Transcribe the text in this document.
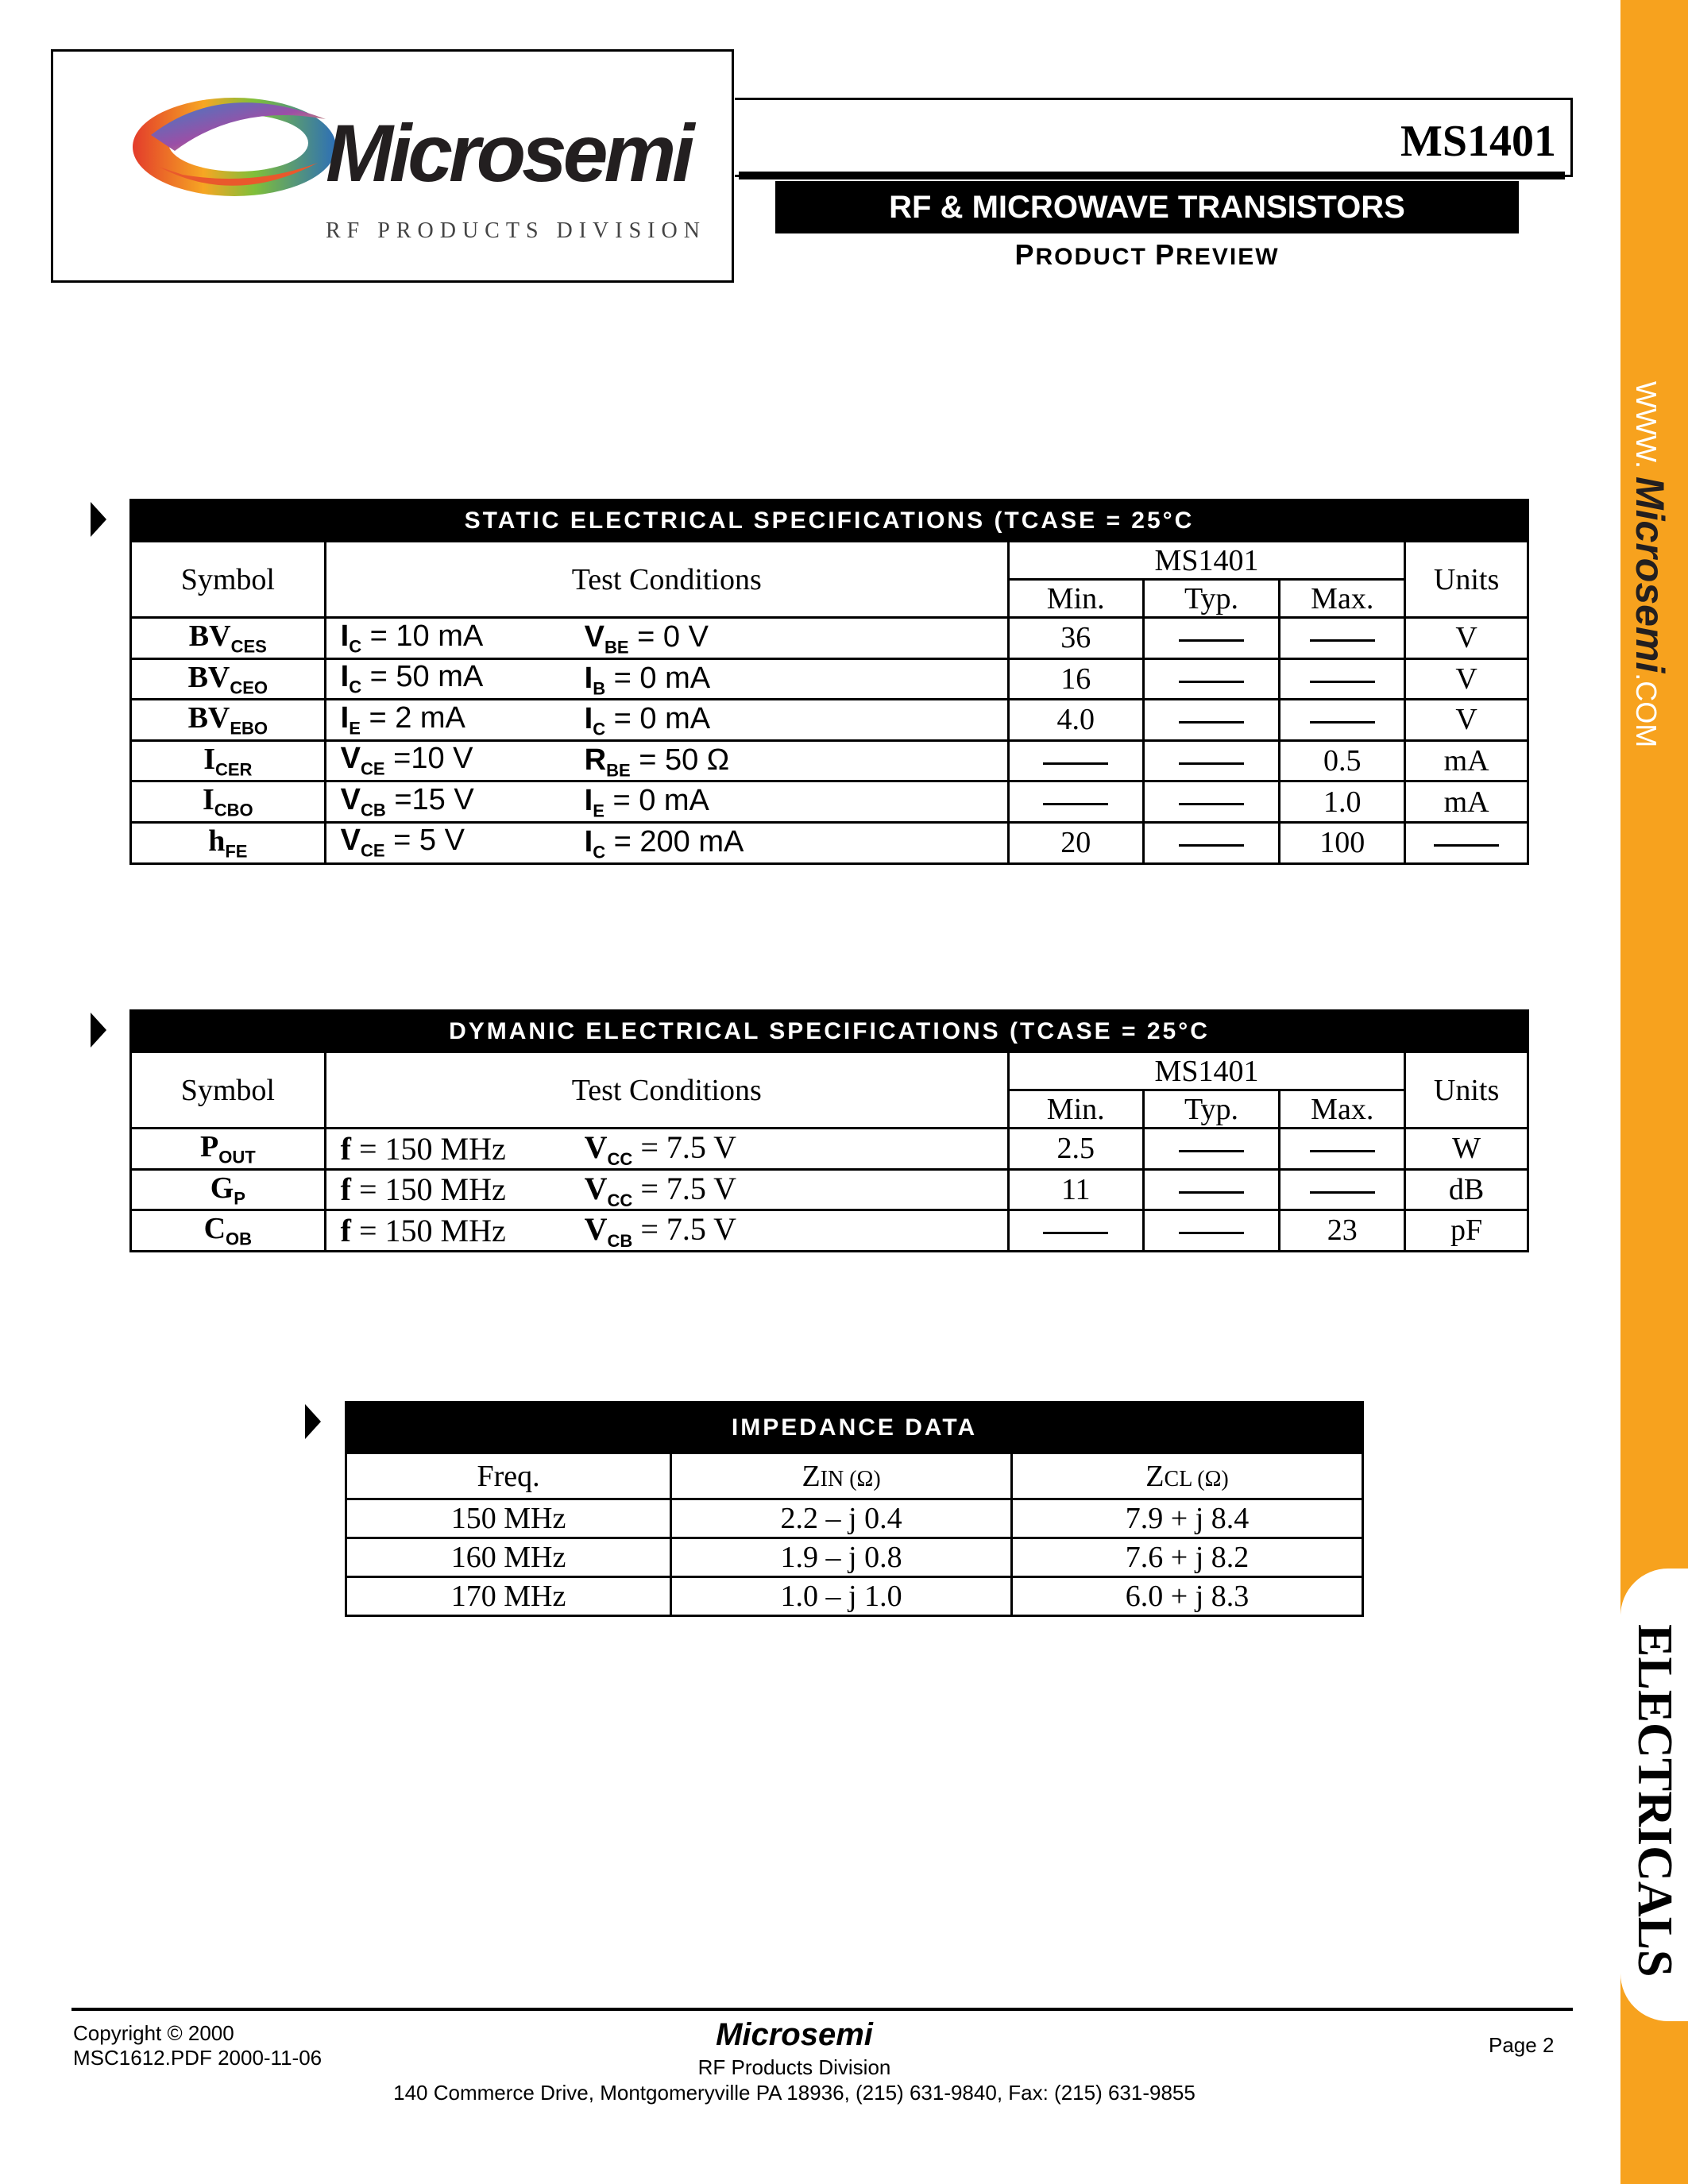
Microsemi
RF PRODUCTS DIVISION
MS1401
RF & MICROWAVE TRANSISTORS
PRODUCT PREVIEW
WWW. Microsemi.COM
ELECTRICALS
STATIC ELECTRICAL SPECIFICATIONS (TCASE = 25°C					
Symbol	Test Conditions	MS1401			Units
		Min.	Typ.	Max.	
$BV_{CES}$	$I_C = 10$ mA $V_{BE} = 0$ V	36			V
$BV_{CEO}$	$I_C = 50$ mA $I_B = 0$ mA	16			V
$BV_{EBO}$	$I_E = 2$ mA $I_C = 0$ mA	4.0			V
$I_{CER}$	$V_{CE} =10$ V $R_{BE} = 50$ Ω			0.5	mA
$I_{CBO}$	$V_{CB} =15$ V $I_E = 0$ mA			1.0	mA
$h_{FE}$	$V_{CE} = 5$ V $I_C = 200$ mA	20		100	
DYMANIC ELECTRICAL SPECIFICATIONS (TCASE = 25°C					
Symbol	Test Conditions	MS1401			Units
		Min.	Typ.	Max.	
$P_{OUT}$	f = 150 MHz $V_{CC} = 7.5$ V	2.5			W
$G_P$	f = 150 MHz $V_{CC} = 7.5$ V	11			dB
$C_{OB}$	f = 150 MHz $V_{CB} = 7.5$ V			23	pF
IMPEDANCE DATA		
Freq.	ZIN (Ω)	ZCL (Ω)
150 MHz	2.2 – j 0.4	7.9 + j 8.4
160 MHz	1.9 – j 0.8	7.6 + j 8.2
170 MHz	1.0 – j 1.0	6.0 + j 8.3
Copyright © 2000
MSC1612.PDF 2000-11-06
Microsemi
RF Products Division
140 Commerce Drive, Montgomeryville PA 18936, (215) 631-9840, Fax: (215) 631-9855
Page 2
